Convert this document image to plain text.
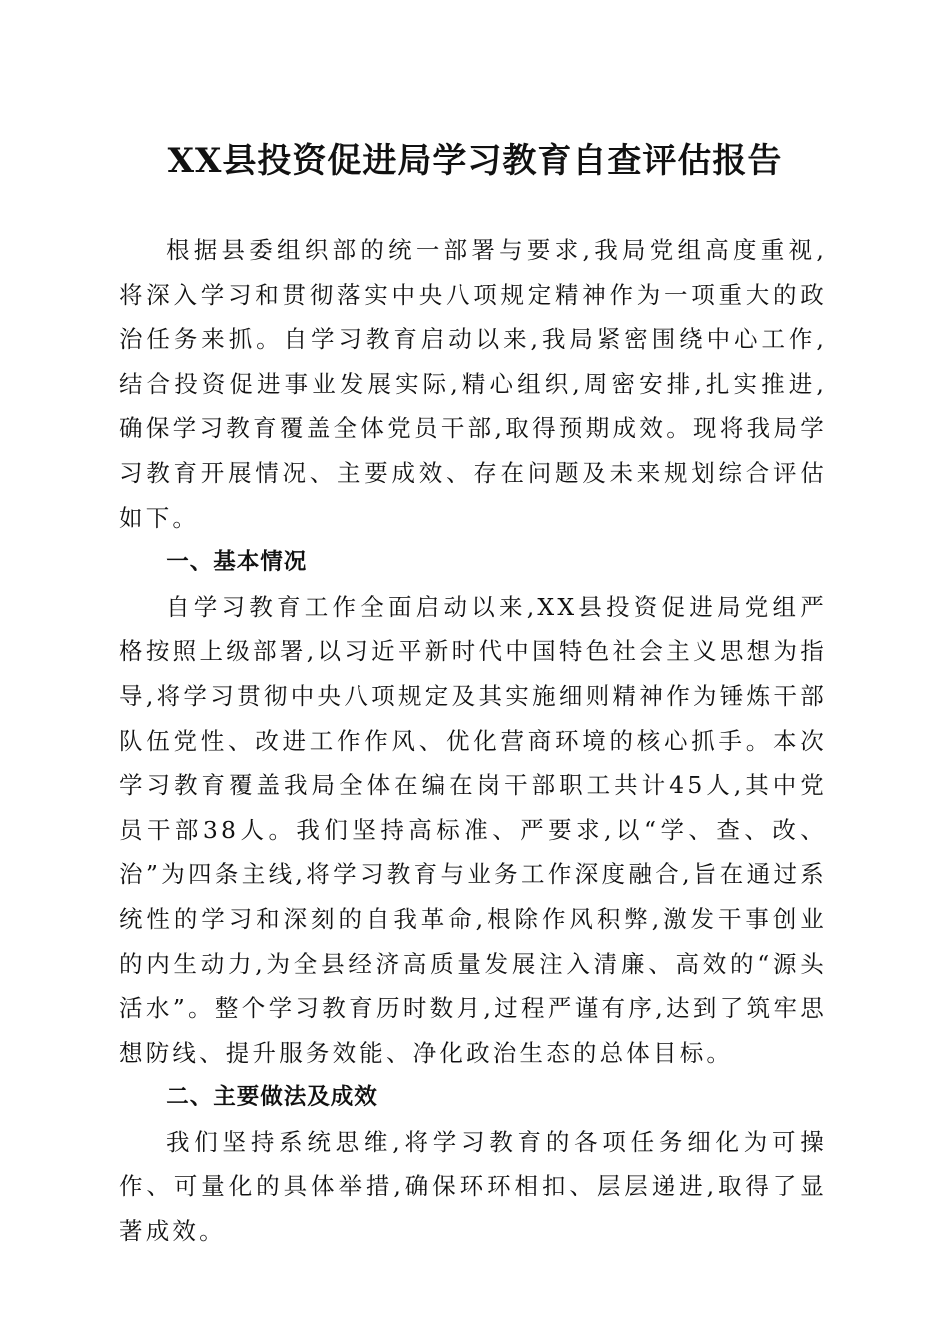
XX县投资促进局学习教育自查评估报告

根据县委组织部的统一部署与要求,我局党组高度重视,将深入学习和贯彻落实中央八项规定精神作为一项重大的政治任务来抓。自学习教育启动以来,我局紧密围绕中心工作,结合投资促进事业发展实际,精心组织,周密安排,扎实推进,确保学习教育覆盖全体党员干部,取得预期成效。现将我局学习教育开展情况、主要成效、存在问题及未来规划综合评估如下。

一、基本情况

自学习教育工作全面启动以来,XX县投资促进局党组严格按照上级部署,以习近平新时代中国特色社会主义思想为指导,将学习贯彻中央八项规定及其实施细则精神作为锤炼干部队伍党性、改进工作作风、优化营商环境的核心抓手。本次学习教育覆盖我局全体在编在岗干部职工共计45人,其中党员干部38人。我们坚持高标准、严要求,以“学、查、改、治”为四条主线,将学习教育与业务工作深度融合,旨在通过系统性的学习和深刻的自我革命,根除作风积弊,激发干事创业的内生动力,为全县经济高质量发展注入清廉、高效的“源头活水”。整个学习教育历时数月,过程严谨有序,达到了筑牢思想防线、提升服务效能、净化政治生态的总体目标。

二、主要做法及成效

我们坚持系统思维,将学习教育的各项任务细化为可操作、可量化的具体举措,确保环环相扣、层层递进,取得了显著成效。
